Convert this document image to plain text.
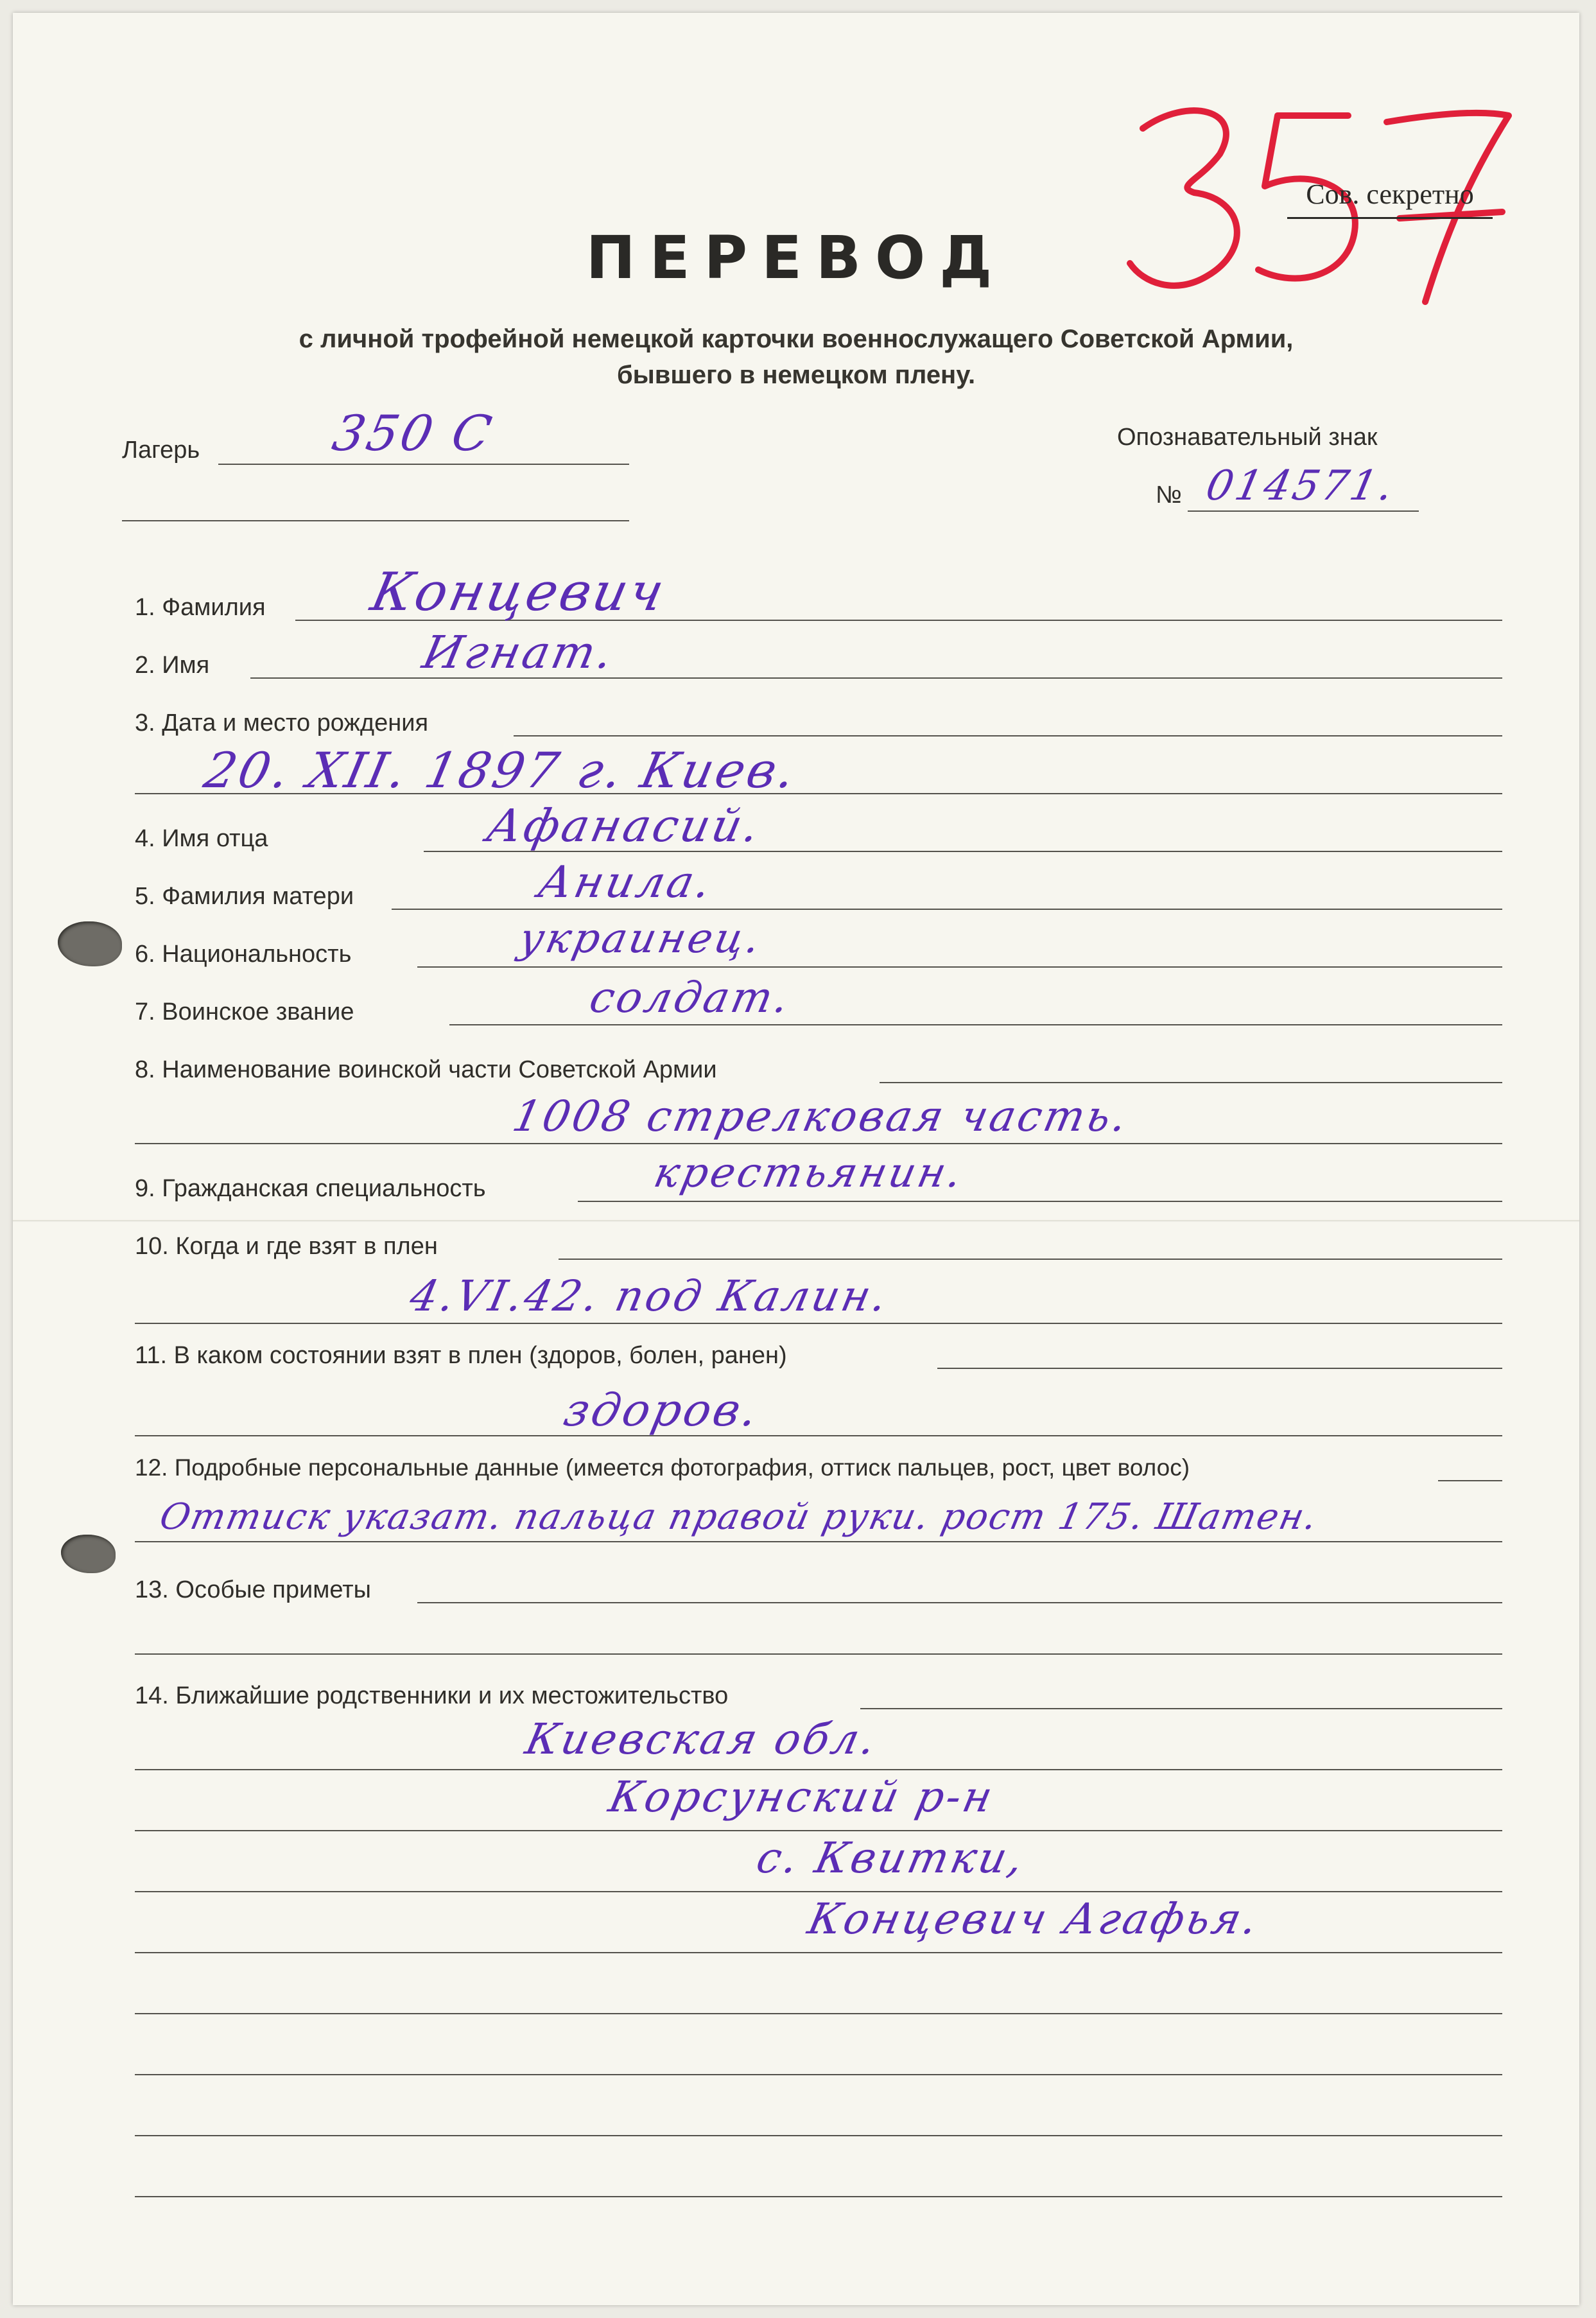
Сов. секретно
ПЕРЕВОД
с личной трофейной немецкой карточки военнослужащего Советской Армии,
бывшего в немецком плену.
Лагерь	350 С	Опознавательный знак
№ 014571.
1. Фамилия Концевич
2. Имя	Игнат.
3. Дата и место рождения
20. XII. 1897 г. Киев.
4. Имя отца	Афанасий.
5. Фамилия матери	Анила.
6. Национальность	украинец.
7. Воинское звание	солдат.
8. Наименование воинской части Советской Армии
1008 стрелковая часть.
9. Гражданская специальность	крестьянин.
10. Когда и где взят в плен
4.VI.42. под Калин.
11. В каком состоянии взят в плен (здоров, болен, ранен)
здоров.
12. Подробные персональные данные (имеется фотография, оттиск пальцев, рост, цвет волос)
Оттиск указат. пальца правой руки. рост 175. Шатен.
13. Особые приметы
14. Ближайшие родственники и их местожительство
Киевская обл.
Корсунский р-н
с. Квитки,
Концевич Агафья.
